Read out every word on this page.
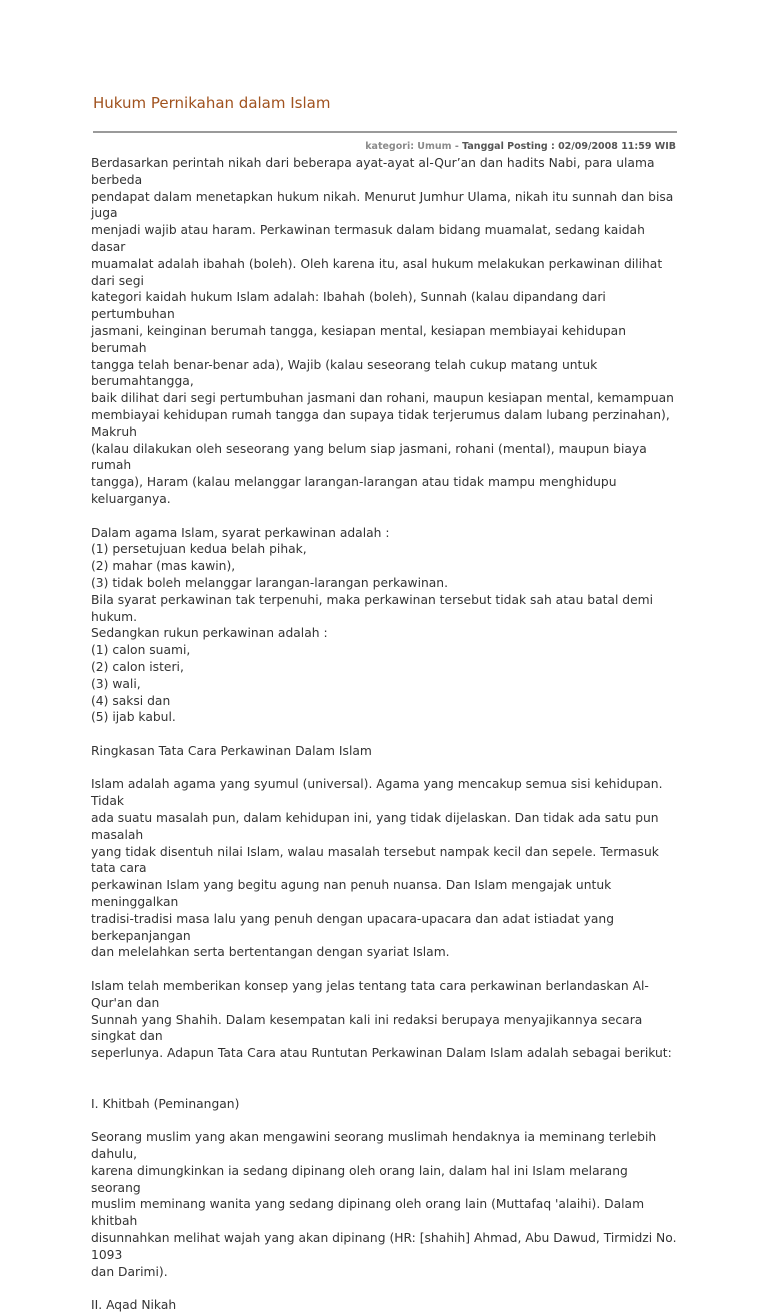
Hukum Pernikahan dalam Islam
kategori: Umum - Tanggal Posting : 02/09/2008 11:59 WIB

Berdasarkan perintah nikah dari beberapa ayat-ayat al-Qur’an dan hadits Nabi, para ulama berbeda

pendapat dalam menetapkan hukum nikah. Menurut Jumhur Ulama, nikah itu sunnah dan bisa juga

menjadi wajib atau haram. Perkawinan termasuk dalam bidang muamalat, sedang kaidah dasar

muamalat adalah ibahah (boleh). Oleh karena itu, asal hukum melakukan perkawinan dilihat dari segi

kategori kaidah hukum Islam adalah: Ibahah (boleh), Sunnah (kalau dipandang dari pertumbuhan

jasmani, keinginan berumah tangga, kesiapan mental, kesiapan membiayai kehidupan berumah

tangga telah benar-benar ada), Wajib (kalau seseorang telah cukup matang untuk berumahtangga,

baik dilihat dari segi pertumbuhan jasmani dan rohani, maupun kesiapan mental, kemampuan

membiayai kehidupan rumah tangga dan supaya tidak terjerumus dalam lubang perzinahan), Makruh

(kalau dilakukan oleh seseorang yang belum siap jasmani, rohani (mental), maupun biaya rumah

tangga), Haram (kalau melanggar larangan-larangan atau tidak mampu menghidupu keluarganya.

Dalam agama Islam, syarat perkawinan adalah :

(1) persetujuan kedua belah pihak,

(2) mahar (mas kawin),

(3) tidak boleh melanggar larangan-larangan perkawinan.

Bila syarat perkawinan tak terpenuhi, maka perkawinan tersebut tidak sah atau batal demi hukum.

Sedangkan rukun perkawinan adalah :

(1) calon suami,

(2) calon isteri,

(3) wali,

(4) saksi dan

(5) ijab kabul.

Ringkasan Tata Cara Perkawinan Dalam Islam

Islam adalah agama yang syumul (universal). Agama yang mencakup semua sisi kehidupan. Tidak

ada suatu masalah pun, dalam kehidupan ini, yang tidak dijelaskan. Dan tidak ada satu pun masalah

yang tidak disentuh nilai Islam, walau masalah tersebut nampak kecil dan sepele. Termasuk tata cara

perkawinan Islam yang begitu agung nan penuh nuansa. Dan Islam mengajak untuk meninggalkan

tradisi-tradisi masa lalu yang penuh dengan upacara-upacara dan adat istiadat yang berkepanjangan

dan melelahkan serta bertentangan dengan syariat Islam.

Islam telah memberikan konsep yang jelas tentang tata cara perkawinan berlandaskan Al-Qur'an dan

Sunnah yang Shahih. Dalam kesempatan kali ini redaksi berupaya menyajikannya secara singkat dan

seperlunya. Adapun Tata Cara atau Runtutan Perkawinan Dalam Islam adalah sebagai berikut:

I. Khitbah (Peminangan)

Seorang muslim yang akan mengawini seorang muslimah hendaknya ia meminang terlebih dahulu,

karena dimungkinkan ia sedang dipinang oleh orang lain, dalam hal ini Islam melarang seorang

muslim meminang wanita yang sedang dipinang oleh orang lain (Muttafaq 'alaihi). Dalam khitbah

disunnahkan melihat wajah yang akan dipinang (HR: [shahih] Ahmad, Abu Dawud, Tirmidzi No. 1093

dan Darimi).

II. Aqad Nikah
